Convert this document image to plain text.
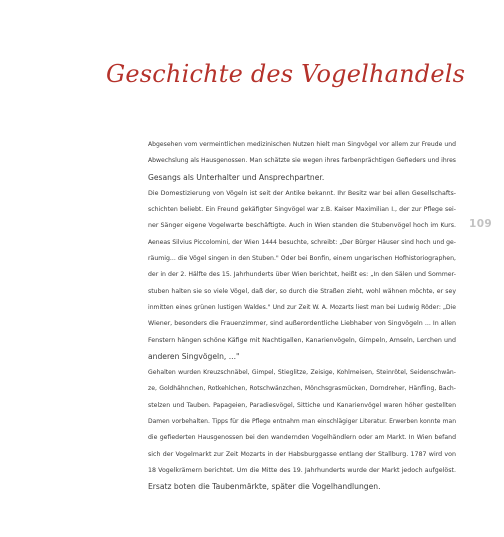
Geschichte des Vogelhandels
109
Abgesehen vom vermeintlichen medizinischen Nutzen hielt man Singvögel vor allem zur Freude und
Abwechslung als Hausgenossen. Man schätzte sie wegen ihres farbenprächtigen Gefieders und ihres
Gesangs als Unterhalter und Ansprechpartner.
Die Domestizierung von Vögeln ist seit der Antike bekannt. Ihr Besitz war bei allen Gesellschafts-
schichten beliebt. Ein Freund gekäfigter Singvögel war z.B. Kaiser Maximilian I., der zur Pflege sei-
ner Sänger eigene Vogelwarte beschäftigte. Auch in Wien standen die Stubenvögel hoch im Kurs.
Aeneas Silvius Piccolomini, der Wien 1444 besuchte, schreibt: „Der Bürger Häuser sind hoch und ge-
räumig... die Vögel singen in den Stuben." Oder bei Bonfin, einem ungarischen Hofhistoriographen,
der in der 2. Hälfte des 15. Jahrhunderts über Wien berichtet, heißt es: „In den Sälen und Sommer-
stuben halten sie so viele Vögel, daß der, so durch die Straßen zieht, wohl wähnen möchte, er sey
inmitten eines grünen lustigen Waldes." Und zur Zeit W. A. Mozarts liest man bei Ludwig Röder: „Die
Wiener, besonders die Frauenzimmer, sind außerordentliche Liebhaber von Singvögeln ... In allen
Fenstern hängen schöne Käfige mit Nachtigallen, Kanarienvögeln, Gimpeln, Amseln, Lerchen und
anderen Singvögeln, ..."
Gehalten wurden Kreuzschnäbel, Gimpel, Stieglitze, Zeisige, Kohlmeisen, Steinrötel, Seidenschwän-
ze, Goldhähnchen, Rotkehlchen, Rotschwänzchen, Mönchsgrasmücken, Dorndreher, Hänfling, Bach-
stelzen und Tauben. Papageien, Paradiesvögel, Sittiche und Kanarienvögel waren höher gestellten
Damen vorbehalten. Tipps für die Pflege entnahm man einschlägiger Literatur. Erwerben konnte man
die gefiederten Hausgenossen bei den wandernden Vogelhändlern oder am Markt. In Wien befand
sich der Vogelmarkt zur Zeit Mozarts in der Habsburggasse entlang der Stallburg. 1787 wird von
18 Vogelkrämern berichtet. Um die Mitte des 19. Jahrhunderts wurde der Markt jedoch aufgelöst.
Ersatz boten die Taubenmärkte, später die Vogelhandlungen.
